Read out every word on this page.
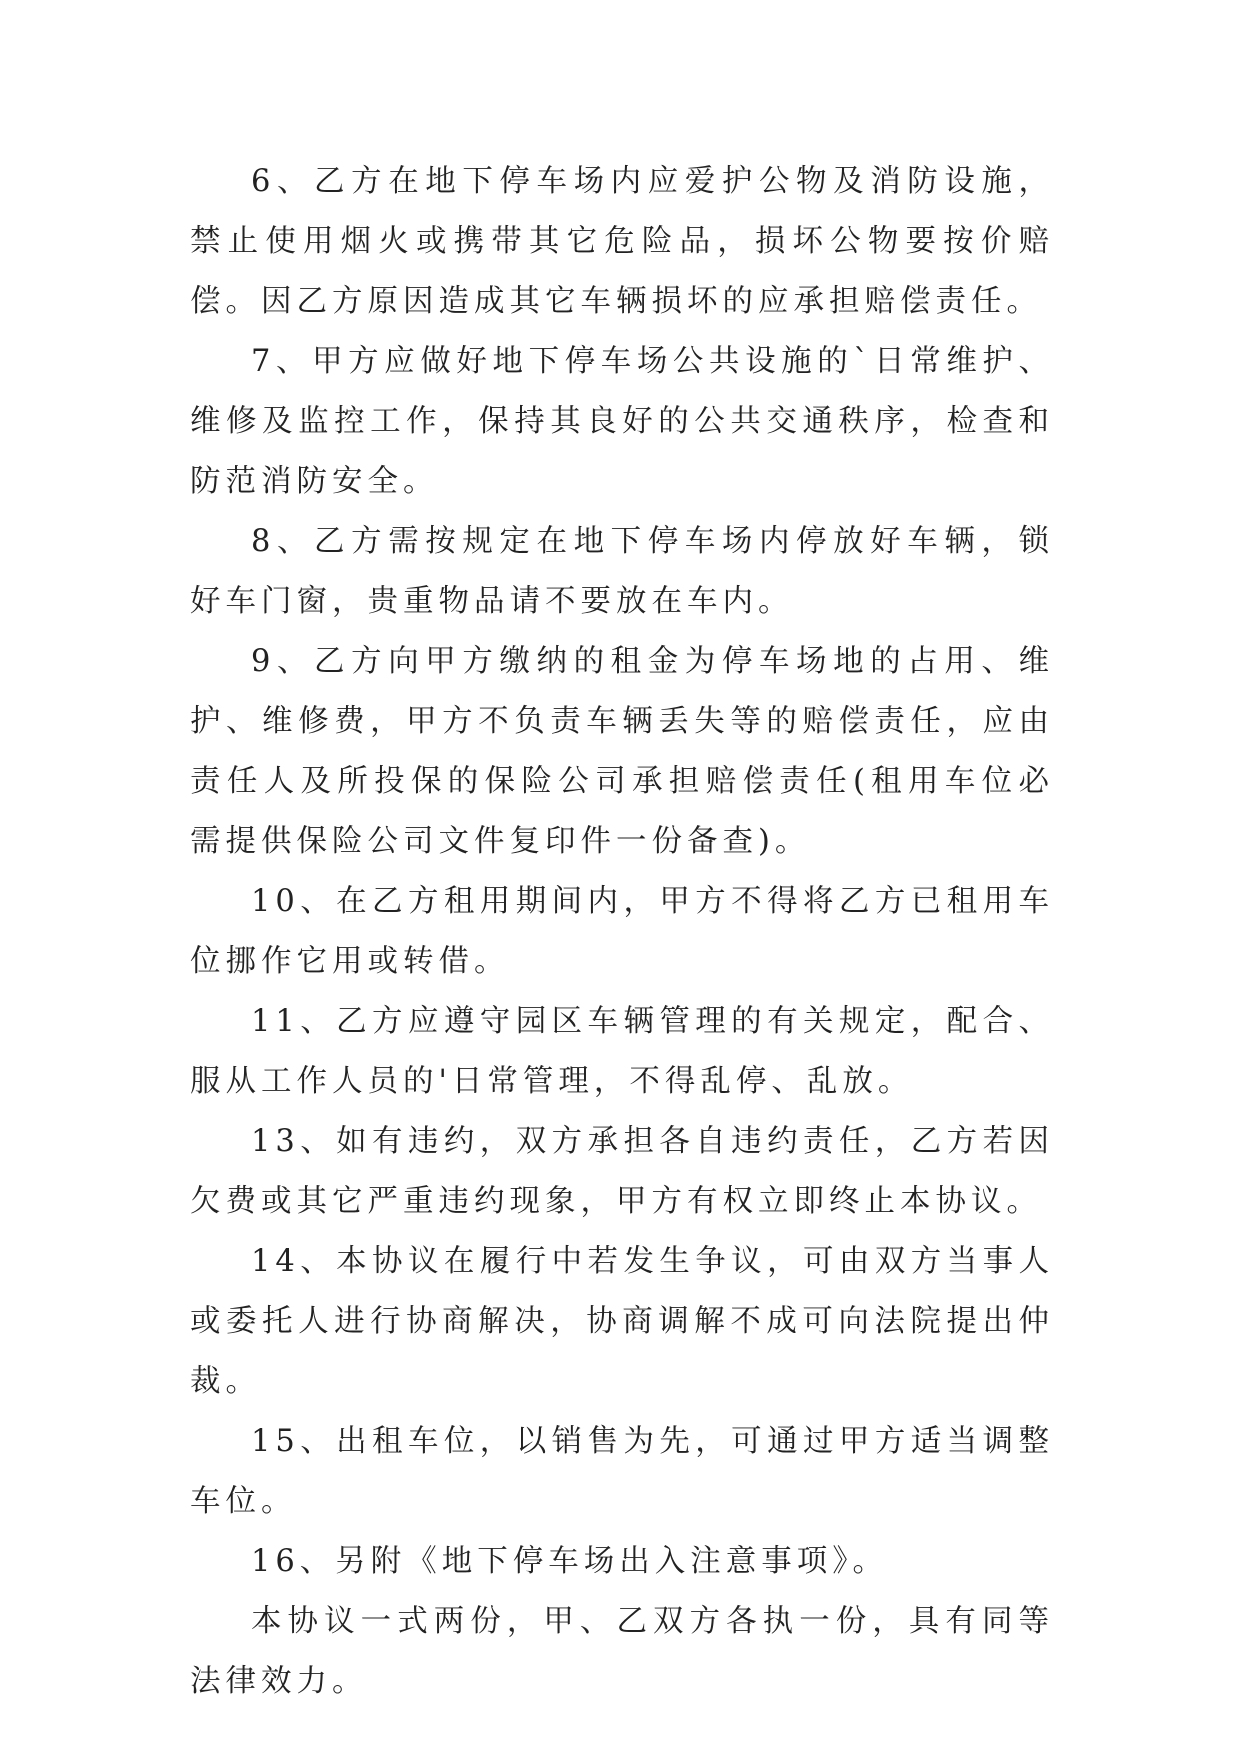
6、乙方在地下停车场内应爱护公物及消防设施，禁止使用烟火或携带其它危险品，损坏公物要按价赔偿。因乙方原因造成其它车辆损坏的应承担赔偿责任。

7、甲方应做好地下停车场公共设施的`日常维护、维修及监控工作，保持其良好的公共交通秩序，检查和防范消防安全。

8、乙方需按规定在地下停车场内停放好车辆，锁好车门窗，贵重物品请不要放在车内。

9、乙方向甲方缴纳的租金为停车场地的占用、维护、维修费，甲方不负责车辆丢失等的赔偿责任，应由责任人及所投保的保险公司承担赔偿责任(租用车位必需提供保险公司文件复印件一份备查)。

10、在乙方租用期间内，甲方不得将乙方已租用车位挪作它用或转借。

11、乙方应遵守园区车辆管理的有关规定，配合、服从工作人员的'日常管理，不得乱停、乱放。

13、如有违约，双方承担各自违约责任，乙方若因欠费或其它严重违约现象，甲方有权立即终止本协议。

14、本协议在履行中若发生争议，可由双方当事人或委托人进行协商解决，协商调解不成可向法院提出仲裁。

15、出租车位，以销售为先，可通过甲方适当调整车位。

16、另附《地下停车场出入注意事项》。

本协议一式两份，甲、乙双方各执一份，具有同等法律效力。
